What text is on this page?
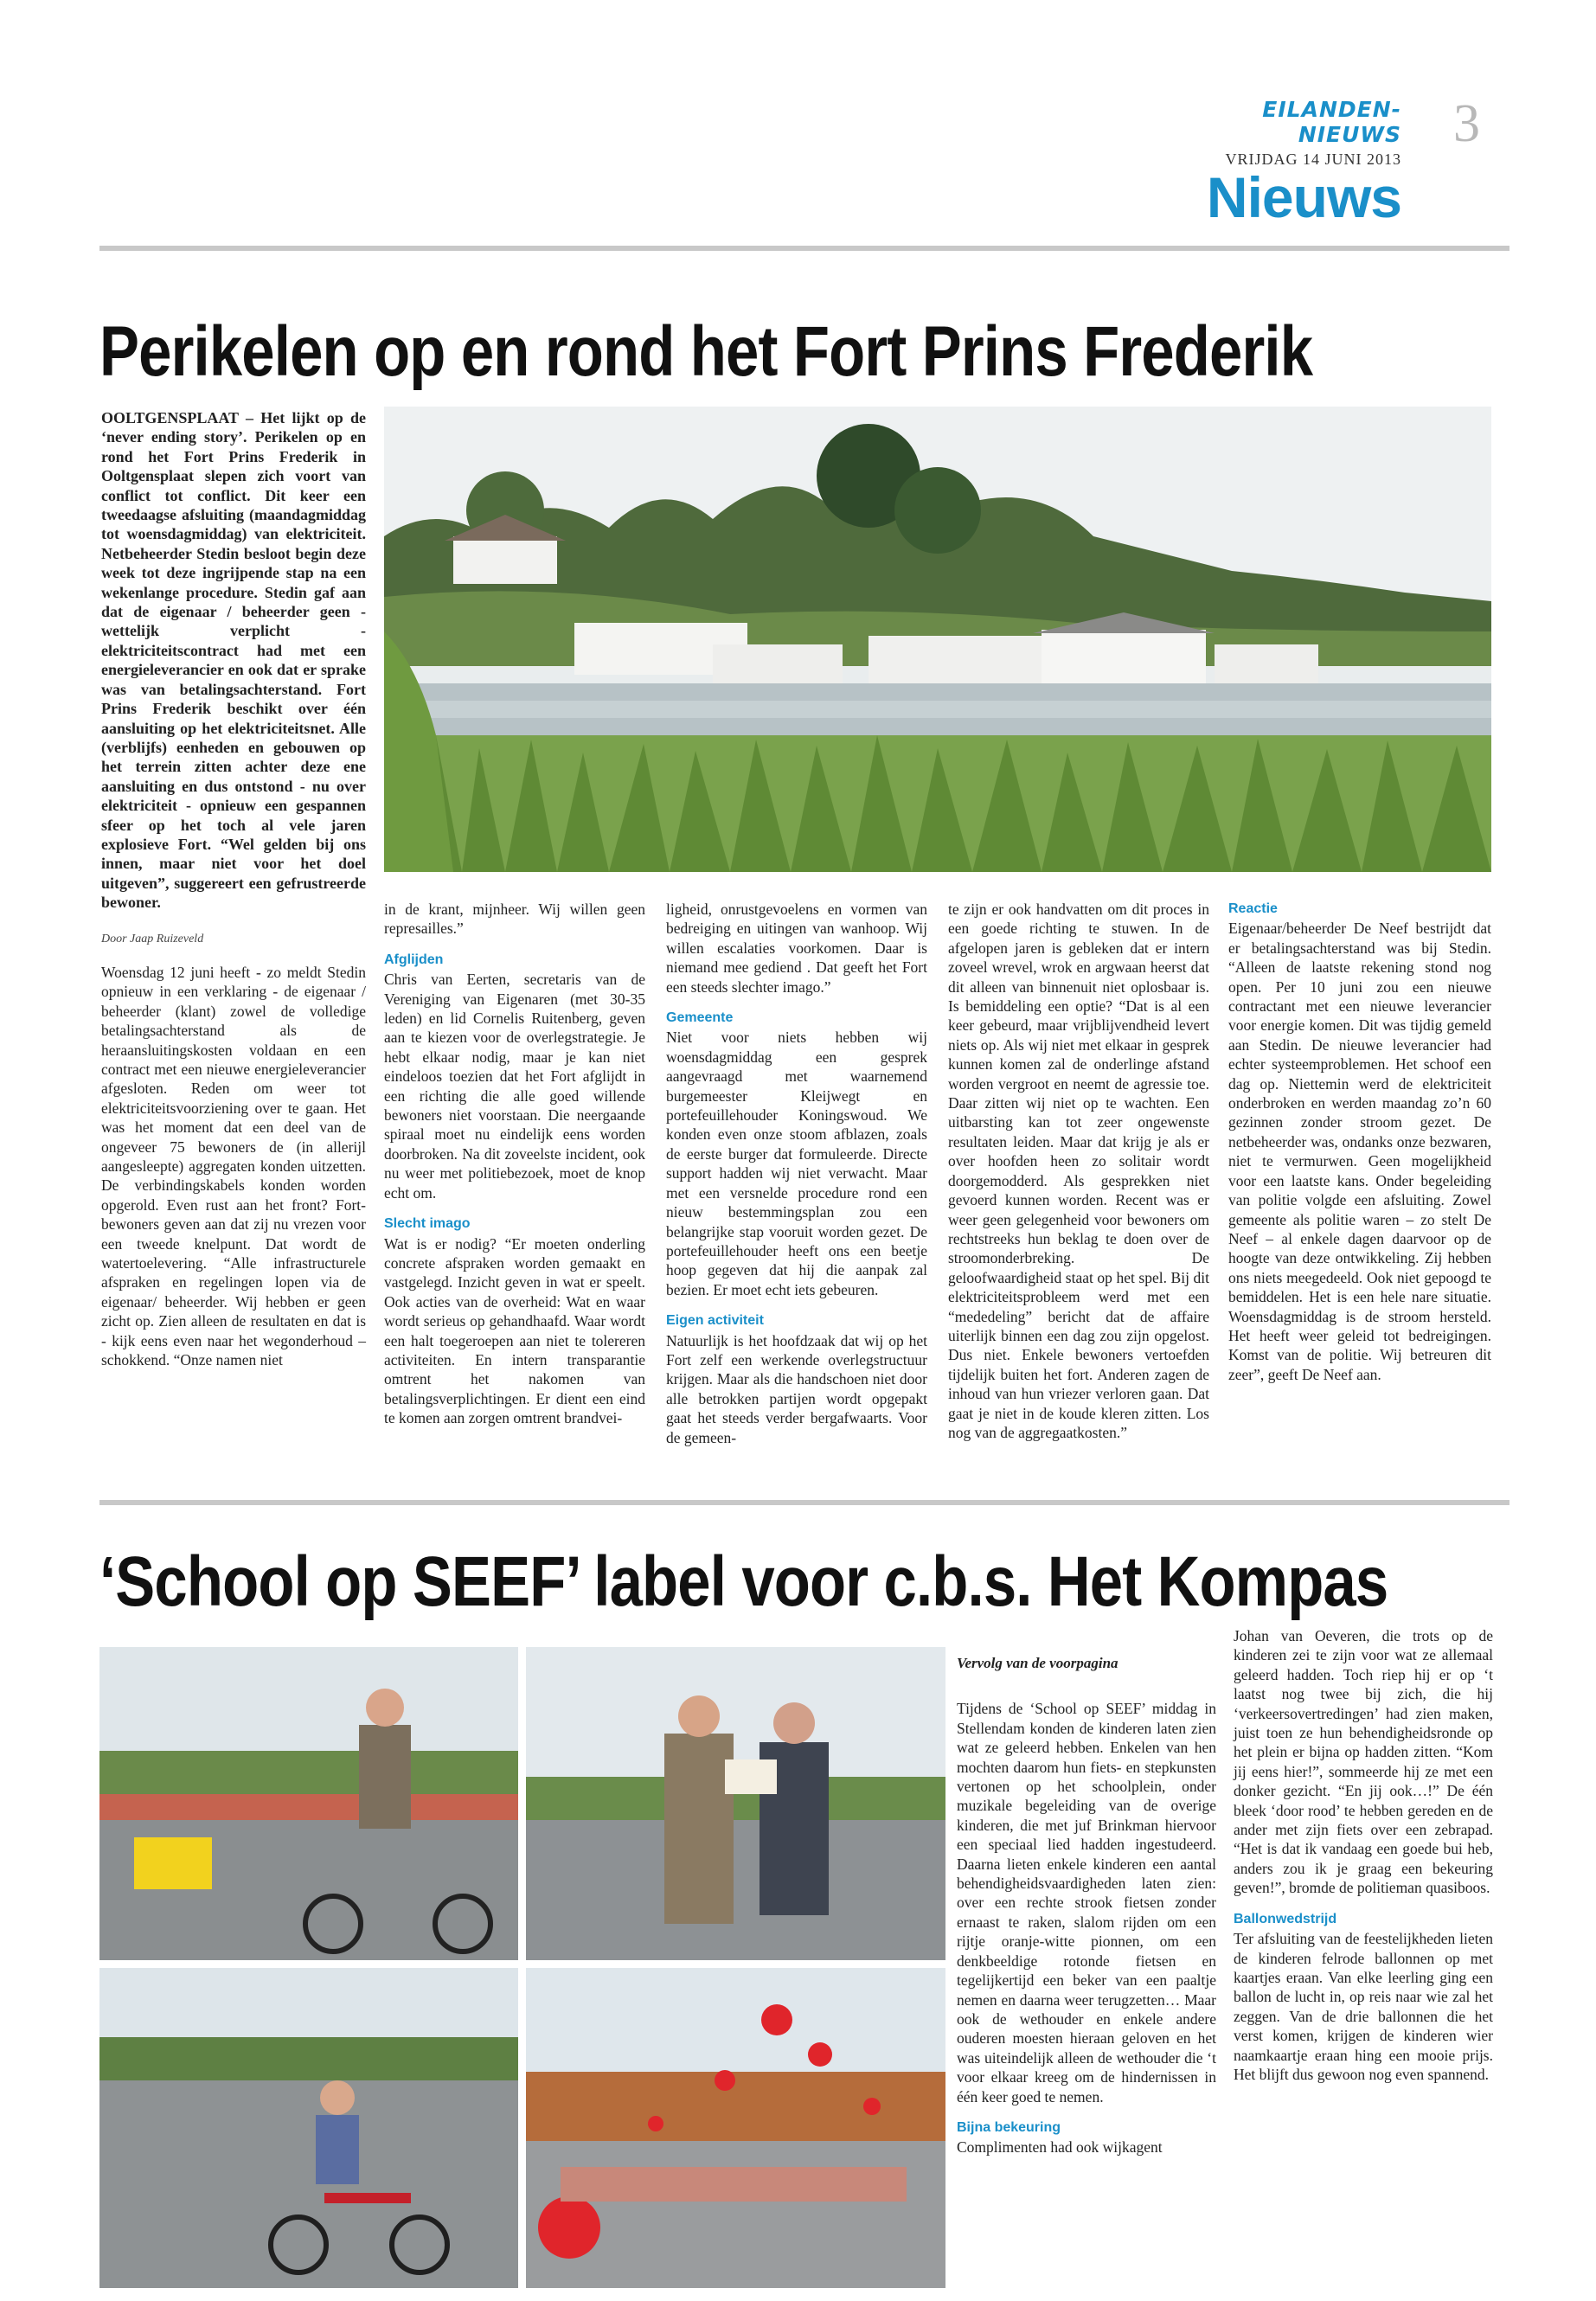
EILANDEN-NIEUWS
VRIJDAG 14 JUNI 2013
3
Nieuws
Perikelen op en rond het Fort Prins Frederik

OOLTGENSPLAAT – Het lijkt op de ‘never ending story’. Perikelen op en rond het Fort Prins Frederik in Ooltgensplaat slepen zich voort van conflict tot conflict. Dit keer een tweedaagse afsluiting (maandagmiddag tot woensdagmiddag) van elektriciteit. Netbeheerder Stedin besloot begin deze week tot deze ingrijpende stap na een wekenlange procedure. Stedin gaf aan dat de eigenaar / beheerder geen - wettelijk verplicht - elektriciteitscontract had met een energieleverancier en ook dat er sprake was van betalingsachterstand. Fort Prins Frederik beschikt over één aansluiting op het elektriciteitsnet. Alle (verblijfs) eenheden en gebouwen op het terrein zitten achter deze ene aansluiting en dus ontstond - nu over elektriciteit - opnieuw een gespannen sfeer op het toch al vele jaren explosieve Fort. “Wel gelden bij ons innen, maar niet voor het doel uitgeven”, suggereert een gefrustreerde bewoner.

Door Jaap Ruizeveld

Woensdag 12 juni heeft - zo meldt Stedin opnieuw in een verklaring - de eigenaar / beheerder (klant) zowel de volledige betalingsachterstand als de heraansluitingskosten voldaan en een contract met een nieuwe energieleverancier afgesloten. Reden om weer tot elektriciteitsvoorziening over te gaan. Het was het moment dat een deel van de ongeveer 75 bewoners de (in allerijl aangesleepte) aggregaten konden uitzetten. De verbindingskabels konden worden opgerold. Even rust aan het front? Fort-bewoners geven aan dat zij nu vrezen voor een tweede knelpunt. Dat wordt de watertoelevering. “Alle infrastructurele afspraken en regelingen lopen via de eigenaar/ beheerder. Wij hebben er geen zicht op. Zien alleen de resultaten en dat is - kijk eens even naar het wegonderhoud – schokkend. “Onze namen niet

in de krant, mijnheer. Wij willen geen represailles.”

Afglijden

Chris van Eerten, secretaris van de Vereniging van Eigenaren (met 30-35 leden) en lid Cornelis Ruitenberg, geven aan te kiezen voor de overlegstrategie. Je hebt elkaar nodig, maar je kan niet eindeloos toezien dat het Fort afglijdt in een richting die alle goed willende bewoners niet voorstaan. Die neergaande spiraal moet nu eindelijk eens worden doorbroken. Na dit zoveelste incident, ook nu weer met politiebezoek, moet de knop echt om.

Slecht imago

Wat is er nodig? “Er moeten onderling concrete afspraken worden gemaakt en vastgelegd. Inzicht geven in wat er speelt. Ook acties van de overheid: Wat en waar wordt serieus op gehandhaafd. Waar wordt een halt toegeroepen aan niet te tolereren activiteiten. En intern transparantie omtrent het nakomen van betalingsverplichtingen. Er dient een eind te komen aan zorgen omtrent brandvei-

ligheid, onrustgevoelens en vormen van bedreiging en uitingen van wanhoop. Wij willen escalaties voorkomen. Daar is niemand mee gediend . Dat geeft het Fort een steeds slechter imago.”

Gemeente

Niet voor niets hebben wij woensdagmiddag een gesprek aangevraagd met waarnemend burgemeester Kleijwegt en portefeuillehouder Koningswoud. We konden even onze stoom afblazen, zoals de eerste burger dat formuleerde. Directe support hadden wij niet verwacht. Maar met een versnelde procedure rond een nieuw bestemmingsplan zou een belangrijke stap vooruit worden gezet. De portefeuillehouder heeft ons een beetje hoop gegeven dat hij die aanpak zal bezien. Er moet echt iets gebeuren.

Eigen activiteit

Natuurlijk is het hoofdzaak dat wij op het Fort zelf een werkende overlegstructuur krijgen. Maar als die handschoen niet door alle betrokken partijen wordt opgepakt gaat het steeds verder bergafwaarts. Voor de gemeen-

te zijn er ook handvatten om dit proces in een goede richting te stuwen. In de afgelopen jaren is gebleken dat er intern zoveel wrevel, wrok en argwaan heerst dat dit alleen van binnenuit niet oplosbaar is. Is bemiddeling een optie? “Dat is al een keer gebeurd, maar vrijblijvendheid levert niets op. Als wij niet met elkaar in gesprek kunnen komen zal de onderlinge afstand worden vergroot en neemt de agressie toe. Daar zitten wij niet op te wachten. Een uitbarsting kan tot zeer ongewenste resultaten leiden. Maar dat krijg je als er over hoofden heen zo solitair wordt doorgemodderd. Als gesprekken niet gevoerd kunnen worden. Recent was er weer geen gelegenheid voor bewoners om rechtstreeks hun beklag te doen over de stroomonderbreking. De geloofwaardigheid staat op het spel. Bij dit elektriciteitsprobleem werd met een “mededeling” bericht dat de affaire uiterlijk binnen een dag zou zijn opgelost. Dus niet. Enkele bewoners vertoefden tijdelijk buiten het fort. Anderen zagen de inhoud van hun vriezer verloren gaan. Dat gaat je niet in de koude kleren zitten. Los nog van de aggregaatkosten.”

Reactie

Eigenaar/beheerder De Neef bestrijdt dat er betalingsachterstand was bij Stedin. “Alleen de laatste rekening stond nog open. Per 10 juni zou een nieuwe contractant met een nieuwe leverancier voor energie komen. Dit was tijdig gemeld aan Stedin. De nieuwe leverancier had echter systeemproblemen. Het schoof een dag op. Niettemin werd de elektriciteit onderbroken en werden maandag zo’n 60 gezinnen zonder stroom gezet. De netbeheerder was, ondanks onze bezwaren, niet te vermurwen. Geen mogelijkheid voor een laatste kans. Onder begeleiding van politie volgde een afsluiting. Zowel gemeente als politie waren – zo stelt De Neef – al enkele dagen daarvoor op de hoogte van deze ontwikkeling. Zij hebben ons niets meegedeeld. Ook niet gepoogd te bemiddelen. Het is een hele nare situatie. Woensdagmiddag is de stroom hersteld. Het heeft weer geleid tot bedreigingen. Komst van de politie. Wij betreuren dit zeer”, geeft De Neef aan.

‘School op SEEF’ label voor c.b.s. Het Kompas
Vervolg van de voorpagina

Tijdens de ‘School op SEEF’ middag in Stellendam konden de kinderen laten zien wat ze geleerd hebben. Enkelen van hen mochten daarom hun fiets- en stepkunsten vertonen op het schoolplein, onder muzikale begeleiding van de overige kinderen, die met juf Brinkman hiervoor een speciaal lied hadden ingestudeerd. Daarna lieten enkele kinderen een aantal behendigheidsvaardigheden laten zien: over een rechte strook fietsen zonder ernaast te raken, slalom rijden om een rijtje oranje-witte pionnen, om een denkbeeldige rotonde fietsen en tegelijkertijd een beker van een paaltje nemen en daarna weer terugzetten… Maar ook de wethouder en enkele andere ouderen moesten hieraan geloven en het was uiteindelijk alleen de wethouder die ‘t voor elkaar kreeg om de hindernissen in één keer goed te nemen.

Bijna bekeuring

Complimenten had ook wijkagent

Johan van Oeveren, die trots op de kinderen zei te zijn voor wat ze allemaal geleerd hadden. Toch riep hij er op ‘t laatst nog twee bij zich, die hij ‘verkeersovertredingen’ had zien maken, juist toen ze hun behendigheidsronde op het plein er bijna op hadden zitten. “Kom jij eens hier!”, sommeerde hij ze met een donker gezicht. “En jij ook…!” De één bleek ‘door rood’ te hebben gereden en de ander met zijn fiets over een zebrapad. “Het is dat ik vandaag een goede bui heb, anders zou ik je graag een bekeuring geven!”, bromde de politieman quasiboos.

Ballonwedstrijd

Ter afsluiting van de feestelijkheden lieten de kinderen felrode ballonnen op met kaartjes eraan. Van elke leerling ging een ballon de lucht in, op reis naar wie zal het zeggen. Van de drie ballonnen die het verst komen, krijgen de kinderen wier naamkaartje eraan hing een mooie prijs. Het blijft dus gewoon nog even spannend.
